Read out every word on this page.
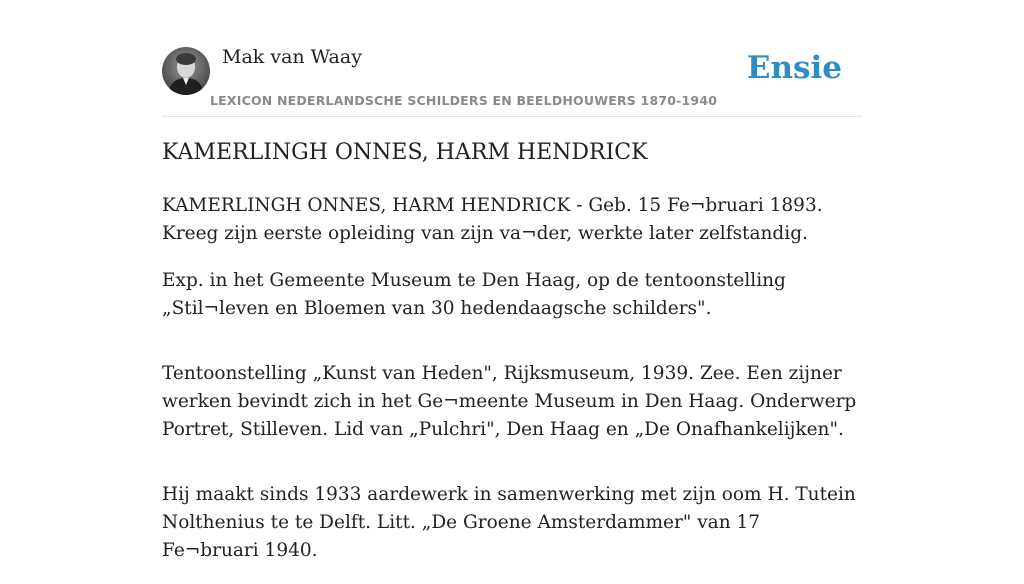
Mak van Waay
LEXICON NEDERLANDSCHE SCHILDERS EN BEELDHOUWERS 1870-1940
Ensie
KAMERLINGH ONNES, HARM HENDRICK

KAMERLINGH ONNES, HARM HENDRICK - Geb. 15 Fe¬bruari 1893. Kreeg zijn eerste opleiding van zijn va¬der, werkte later zelfstandig.

Exp. in het Gemeente Museum te Den Haag, op de tentoonstelling „Stil¬leven en Bloemen van 30 hedendaagsche schilders".

Tentoonstelling „Kunst van Heden", Rijksmuseum, 1939. Zee. Een zijner werken bevindt zich in het Ge¬meente Museum in Den Haag. Onderwerp Portret, Stilleven. Lid van „Pulchri", Den Haag en „De Onafhankelijken".

Hij maakt sinds 1933 aardewerk in samenwerking met zijn oom H. Tutein Nolthenius te te Delft. Litt. „De Groene Amsterdammer" van 17 Fe¬bruari 1940.
